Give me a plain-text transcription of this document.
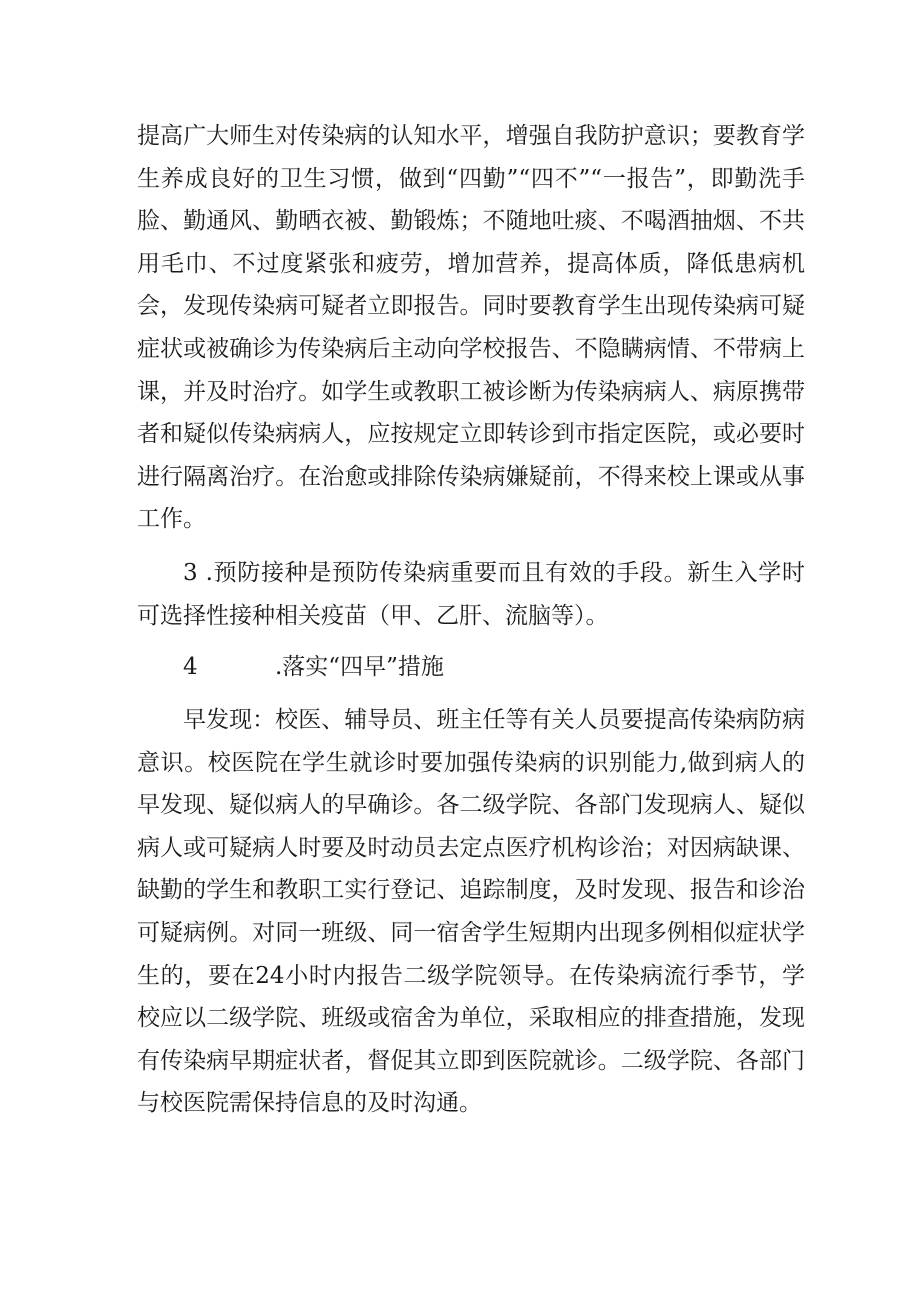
提高广大师生对传染病的认知水平，增强自我防护意识；要教育学生养成良好的卫生习惯，做到“四勤”“四不”“一报告”，即勤洗手脸、勤通风、勤晒衣被、勤锻炼；不随地吐痰、不喝酒抽烟、不共用毛巾、不过度紧张和疲劳，增加营养，提高体质，降低患病机会，发现传染病可疑者立即报告。同时要教育学生出现传染病可疑症状或被确诊为传染病后主动向学校报告、不隐瞒病情、不带病上课，并及时治疗。如学生或教职工被诊断为传染病病人、病原携带者和疑似传染病病人，应按规定立即转诊到市指定医院，或必要时进行隔离治疗。在治愈或排除传染病嫌疑前，不得来校上课或从事工作。

3 .预防接种是预防传染病重要而且有效的手段。新生入学时可选择性接种相关疫苗（甲、乙肝、流脑等）。

4	.落实“四早”措施

早发现：校医、辅导员、班主任等有关人员要提高传染病防病意识。校医院在学生就诊时要加强传染病的识别能力,做到病人的早发现、疑似病人的早确诊。各二级学院、各部门发现病人、疑似病人或可疑病人时要及时动员去定点医疗机构诊治；对因病缺课、缺勤的学生和教职工实行登记、追踪制度，及时发现、报告和诊治可疑病例。对同一班级、同一宿舍学生短期内出现多例相似症状学生的，要在24小时内报告二级学院领导。在传染病流行季节，学校应以二级学院、班级或宿舍为单位，采取相应的排查措施，发现有传染病早期症状者，督促其立即到医院就诊。二级学院、各部门与校医院需保持信息的及时沟通。
